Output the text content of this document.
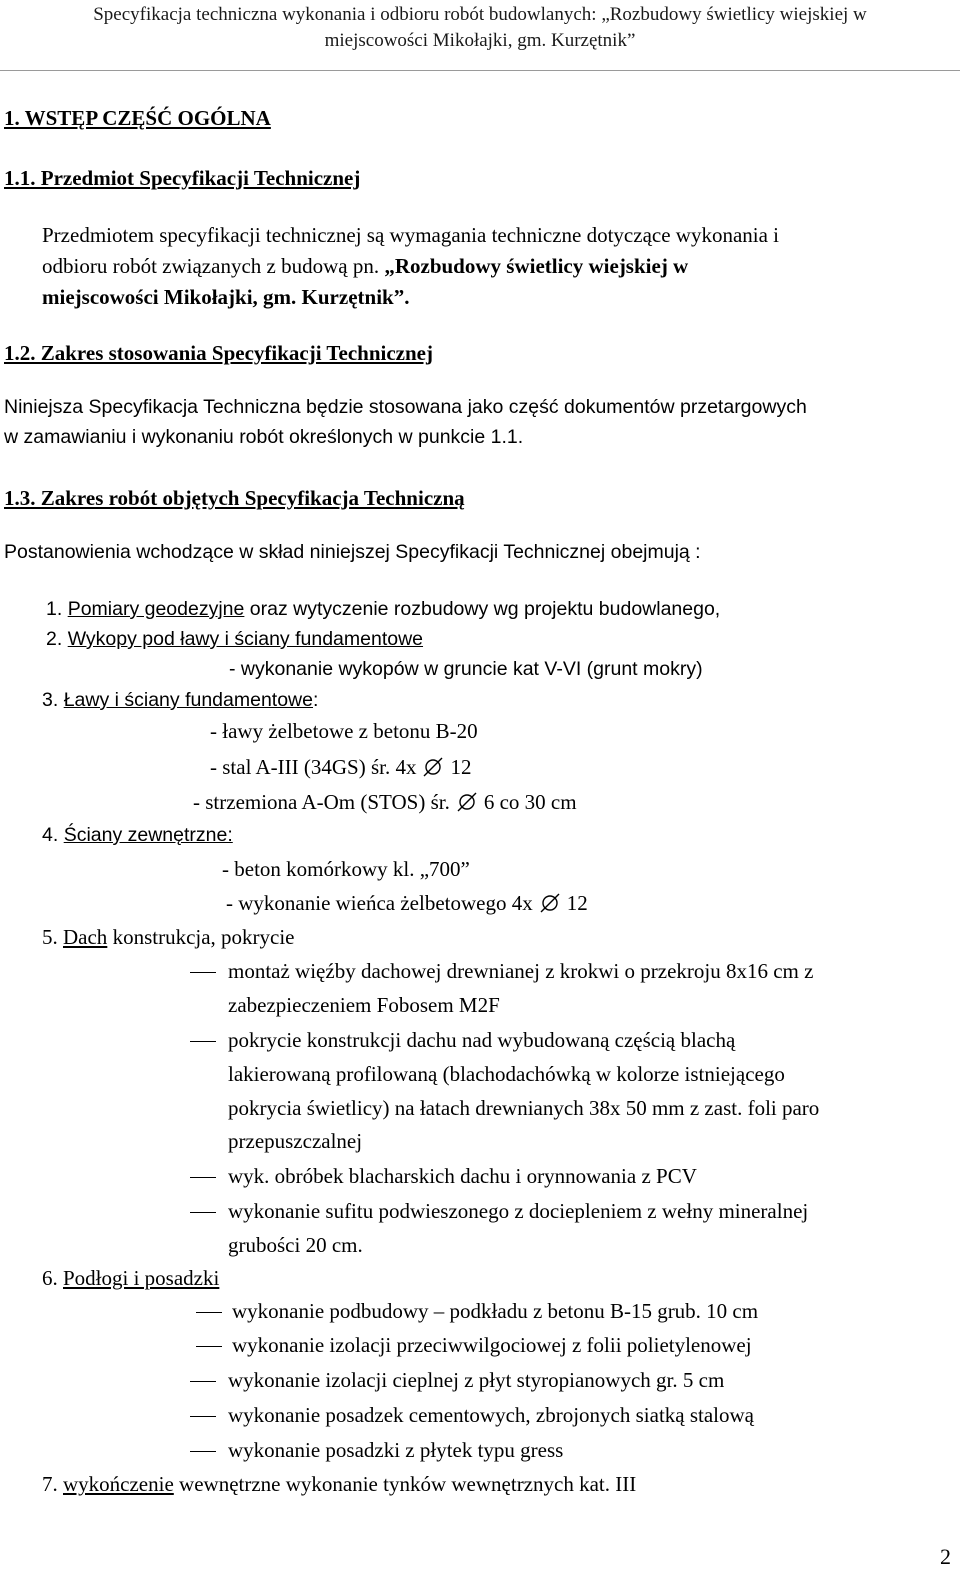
Specyfikacja techniczna wykonania i odbioru robót budowlanych: „Rozbudowy świetlicy wiejskiej w
miejscowości Mikołajki, gm. Kurzętnik”
1. WSTĘP CZĘŚĆ OGÓLNA
1.1. Przedmiot Specyfikacji Technicznej
Przedmiotem specyfikacji technicznej są wymagania techniczne dotyczące wykonania i
odbioru robót związanych z budową pn. „Rozbudowy świetlicy wiejskiej w
miejscowości Mikołajki, gm. Kurzętnik”.
1.2. Zakres stosowania Specyfikacji Technicznej
Niniejsza Specyfikacja Techniczna będzie stosowana jako część dokumentów przetargowych
w zamawianiu i wykonaniu robót określonych w punkcie 1.1.
1.3. Zakres robót objętych Specyfikacja Techniczną
Postanowienia wchodzące w skład niniejszej Specyfikacji Technicznej obejmują :
1. Pomiary geodezyjne oraz wytyczenie rozbudowy wg projektu budowlanego,
2. Wykopy pod ławy i ściany fundamentowe
- wykonanie wykopów w gruncie kat V-VI (grunt mokry)
3. Ławy i ściany fundamentowe:
- ławy żelbetowe z betonu B-20
- stal A-III (34GS) śr. 4x 12
- strzemiona A-Om (STOS) śr. 6 co 30 cm
4. Ściany zewnętrzne:
- beton komórkowy kl. „700”
- wykonanie wieńca żelbetowego 4x 12
5. Dach konstrukcja, pokrycie
montaż więźby dachowej drewnianej z krokwi o przekroju 8x16 cm z
zabezpieczeniem Fobosem M2F
pokrycie konstrukcji dachu nad wybudowaną częścią blachą
lakierowaną profilowaną (blachodachówką w kolorze istniejącego
pokrycia świetlicy) na łatach drewnianych 38x 50 mm z zast. foli paro
przepuszczalnej
wyk. obróbek blacharskich dachu i orynnowania z PCV
wykonanie sufitu podwieszonego z dociepleniem z wełny mineralnej
grubości 20 cm.
6. Podłogi i posadzki
wykonanie podbudowy – podkładu z betonu B-15 grub. 10 cm
wykonanie izolacji przeciwwilgociowej z folii polietylenowej
wykonanie izolacji cieplnej z płyt styropianowych gr. 5 cm
wykonanie posadzek cementowych, zbrojonych siatką stalową
wykonanie posadzki z płytek typu gress
7. wykończenie wewnętrzne wykonanie tynków wewnętrznych kat. III
2
